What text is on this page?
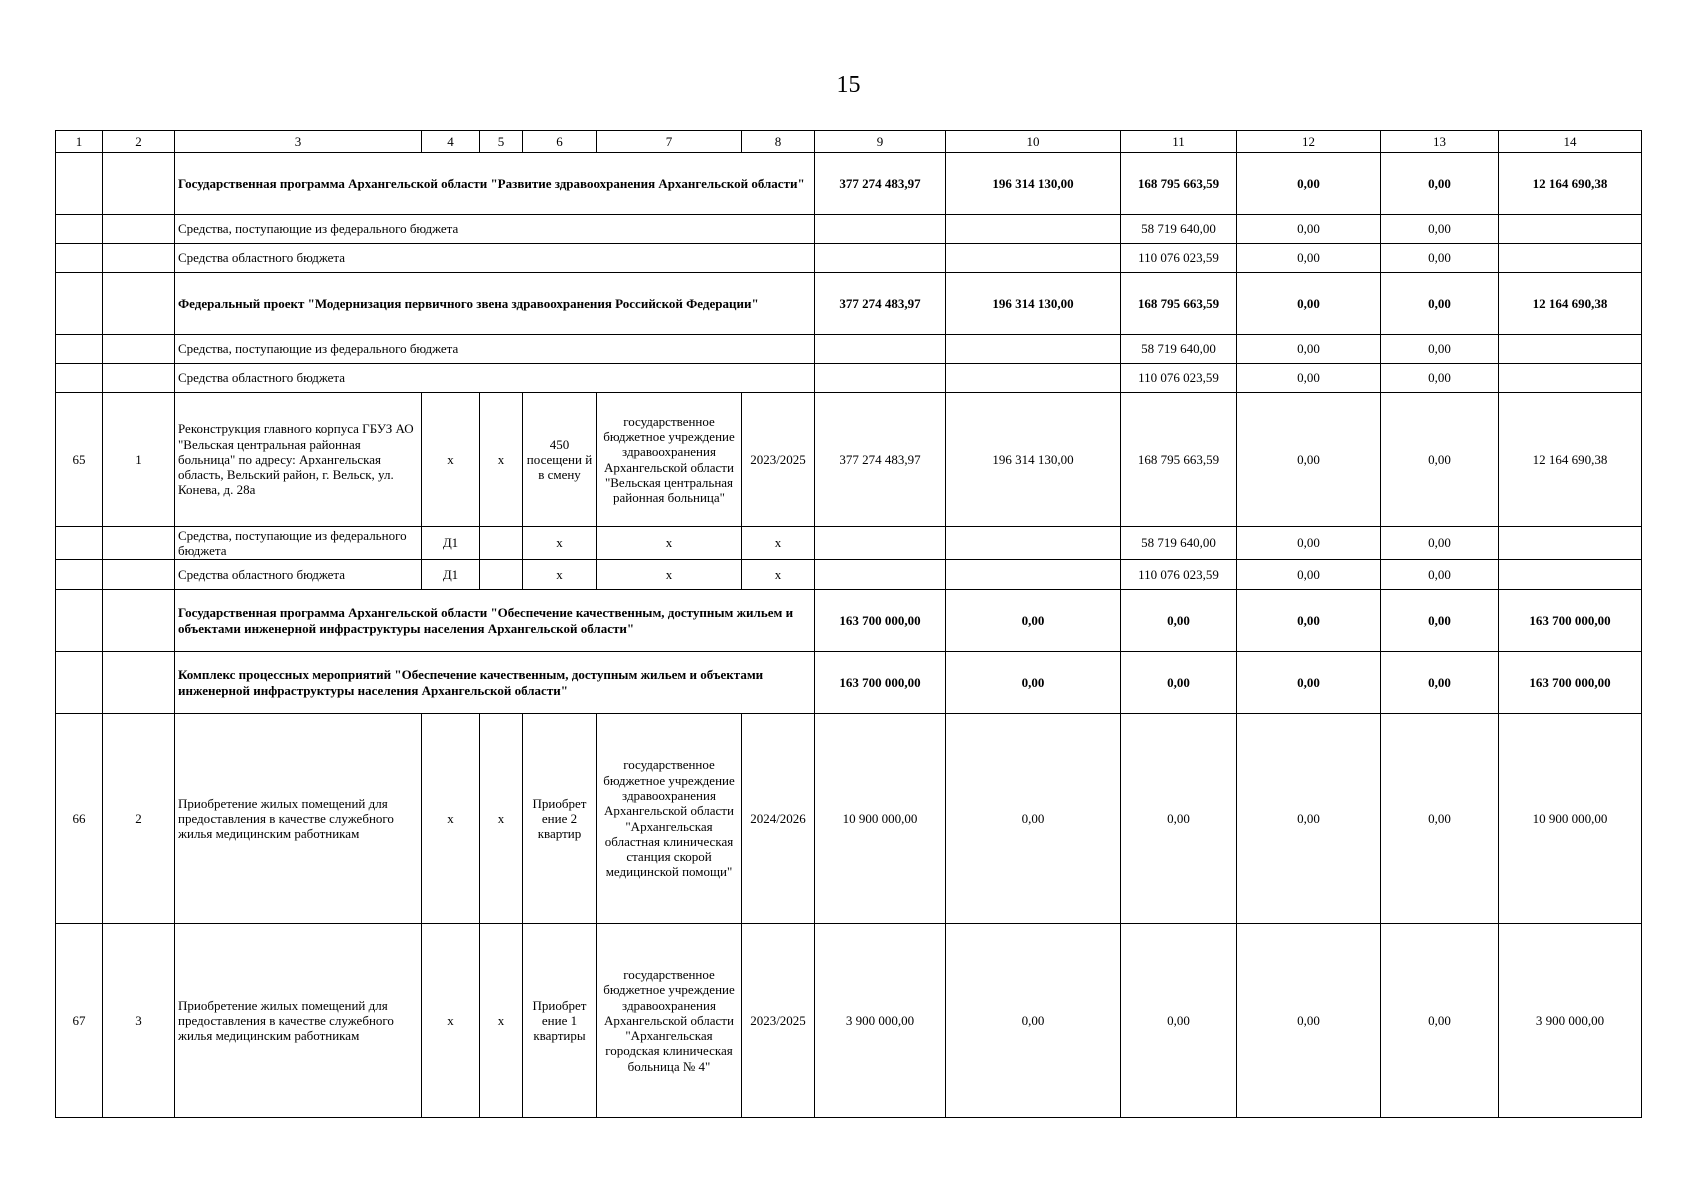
15
1	2	3	4	5	6	7	8	9	10	11	12	13	14
		Государственная программа Архангельской области "Развитие здравоохранения Архангельской области"						377 274 483,97	196 314 130,00	168 795 663,59	0,00	0,00	12 164 690,38
		Средства, поступающие из федерального бюджета								58 719 640,00	0,00	0,00	
		Средства областного бюджета								110 076 023,59	0,00	0,00	
		Федеральный проект "Модернизация первичного звена здравоохранения Российской Федерации"						377 274 483,97	196 314 130,00	168 795 663,59	0,00	0,00	12 164 690,38
		Средства, поступающие из федерального бюджета								58 719 640,00	0,00	0,00	
		Средства областного бюджета								110 076 023,59	0,00	0,00	
65	1	Реконструкция главного корпуса ГБУЗ АО "Вельская центральная районная больница" по адресу: Архангельская область, Вельский район, г. Вельск, ул. Конева, д. 28а	х	х	450 посещени й в смену	государственное бюджетное учреждение здравоохранения Архангельской области "Вельская центральная районная больница"	2023/2025	377 274 483,97	196 314 130,00	168 795 663,59	0,00	0,00	12 164 690,38
		Средства, поступающие из федерального бюджета	Д1		х	х	х			58 719 640,00	0,00	0,00	
		Средства областного бюджета	Д1		х	х	х			110 076 023,59	0,00	0,00	
		Государственная программа Архангельской области "Обеспечение качественным, доступным жильем и объектами инженерной инфраструктуры населения Архангельской области"						163 700 000,00	0,00	0,00	0,00	0,00	163 700 000,00
		Комплекс процессных мероприятий "Обеспечение качественным, доступным жильем и объектами инженерной инфраструктуры населения Архангельской области"						163 700 000,00	0,00	0,00	0,00	0,00	163 700 000,00
66	2	Приобретение жилых помещений для предоставления в качестве служебного жилья медицинским работникам	х	х	Приобрет ение 2 квартир	государственное бюджетное учреждение здравоохранения Архангельской области "Архангельская областная клиническая станция скорой медицинской помощи"	2024/2026	10 900 000,00	0,00	0,00	0,00	0,00	10 900 000,00
67	3	Приобретение жилых помещений для предоставления в качестве служебного жилья медицинским работникам	х	х	Приобрет ение 1 квартиры	государственное бюджетное учреждение здравоохранения Архангельской области "Архангельская городская клиническая больница № 4"	2023/2025	3 900 000,00	0,00	0,00	0,00	0,00	3 900 000,00
